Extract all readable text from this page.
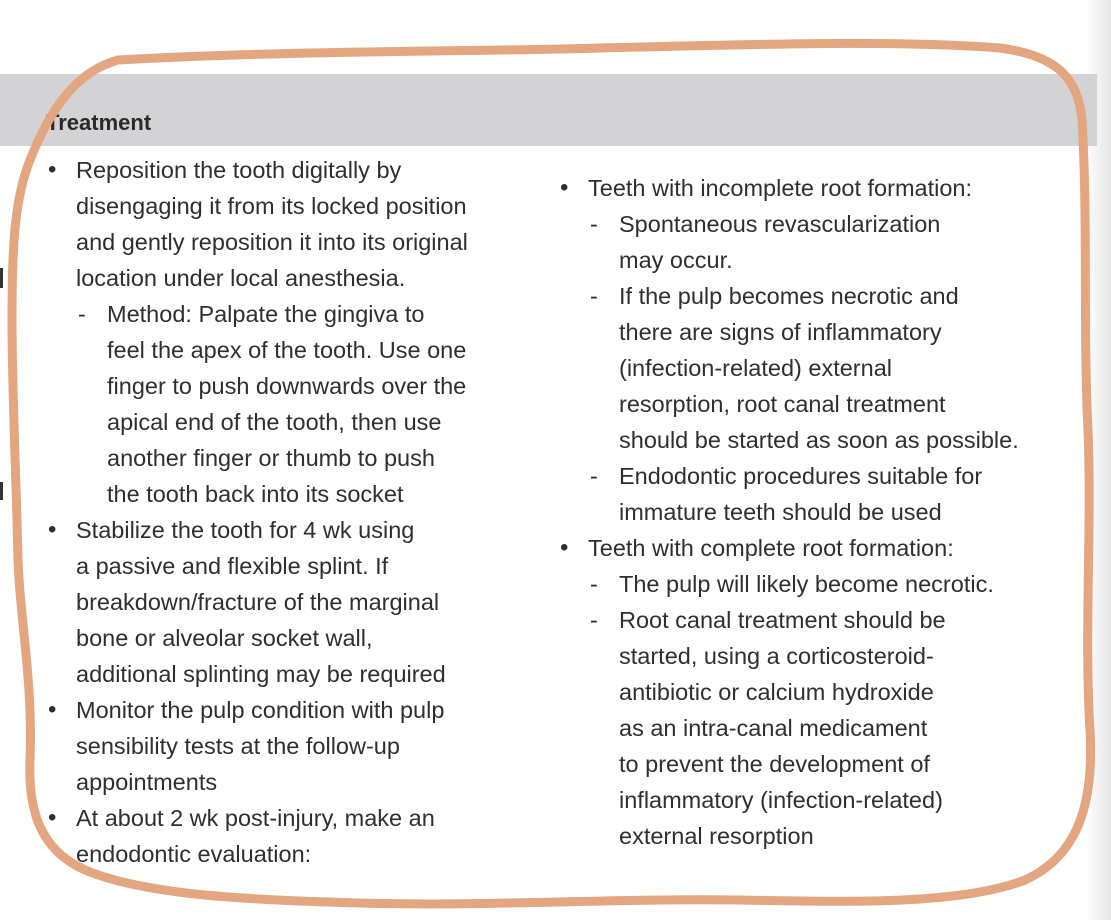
Treatment
• Reposition the tooth digitally by
disengaging it from its locked position
and gently reposition it into its original
location under local anesthesia.
- Method: Palpate the gingiva to
feel the apex of the tooth. Use one
finger to push downwards over the
apical end of the tooth, then use
another finger or thumb to push
the tooth back into its socket
• Stabilize the tooth for 4 wk using
a passive and flexible splint. If
breakdown/fracture of the marginal
bone or alveolar socket wall,
additional splinting may be required
• Monitor the pulp condition with pulp
sensibility tests at the follow-up
appointments
• At about 2 wk post-injury, make an
endodontic evaluation:
• Teeth with incomplete root formation:
- Spontaneous revascularization
may occur.
- If the pulp becomes necrotic and
there are signs of inflammatory
(infection-related) external
resorption, root canal treatment
should be started as soon as possible.
- Endodontic procedures suitable for
immature teeth should be used
• Teeth with complete root formation:
- The pulp will likely become necrotic.
- Root canal treatment should be
started, using a corticosteroid-
antibiotic or calcium hydroxide
as an intra-canal medicament
to prevent the development of
inflammatory (infection-related)
external resorption
